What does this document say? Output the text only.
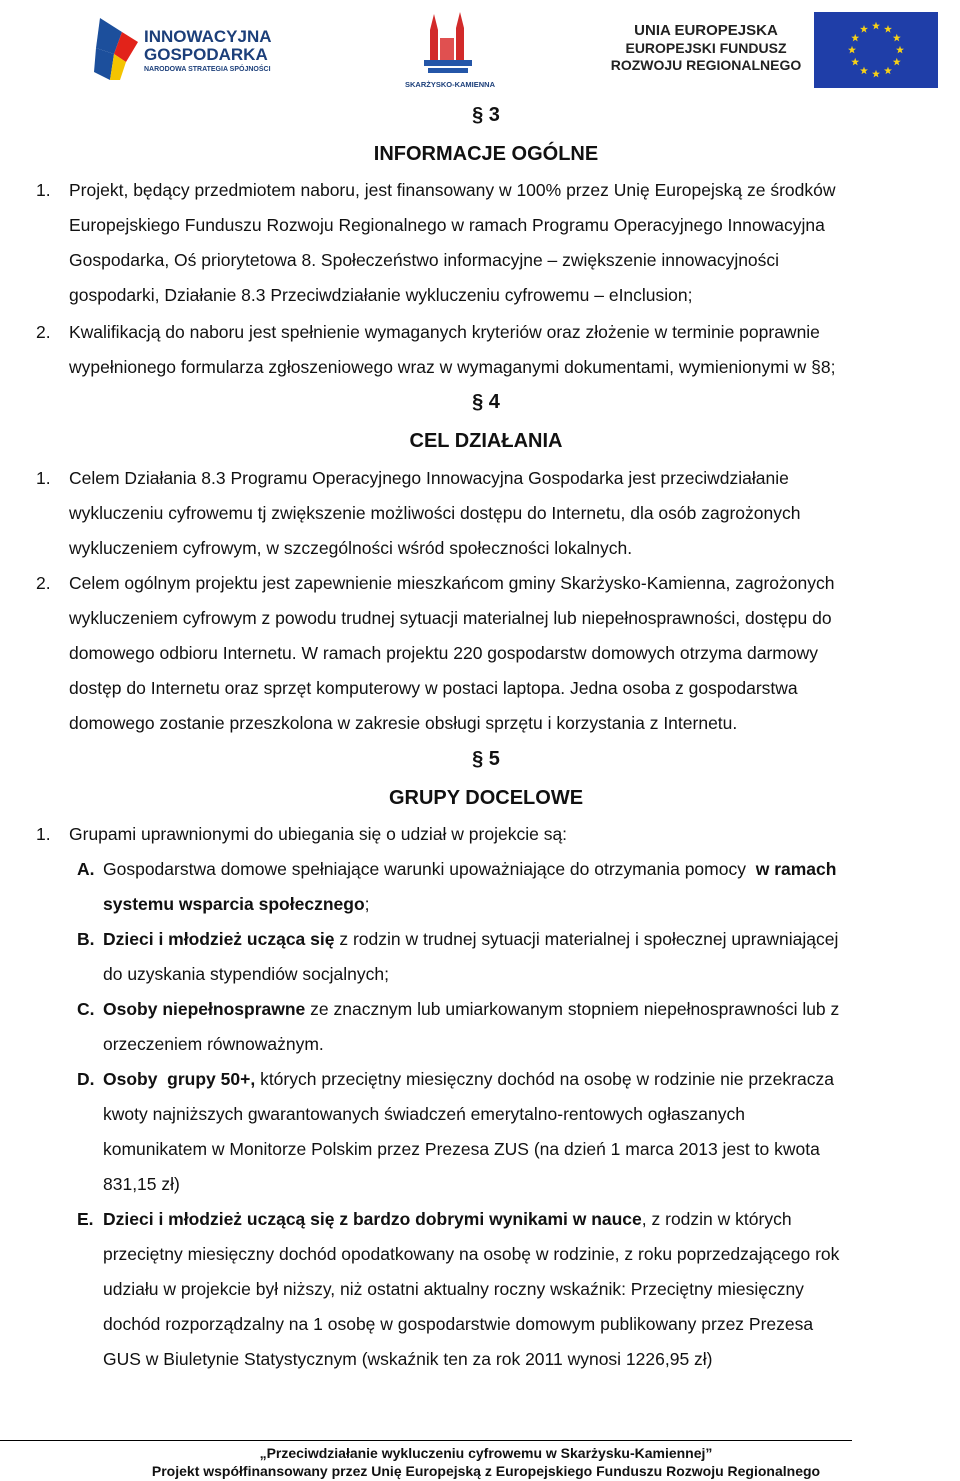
INNOWACYJNA
GOSPODARKA
NARODOWA STRATEGIA SPÓJNOŚCI
SKARŻYSKO-KAMIENNA
UNIA EUROPEJSKA
EUROPEJSKI FUNDUSZ
ROZWOJU REGIONALNEGO
§ 3
INFORMACJE OGÓLNE
1. Projekt, będący przedmiotem naboru, jest finansowany w 100% przez Unię Europejską ze środków
Europejskiego Funduszu Rozwoju Regionalnego w ramach Programu Operacyjnego Innowacyjna
Gospodarka, Oś priorytetowa 8. Społeczeństwo informacyjne – zwiększenie innowacyjności
gospodarki, Działanie 8.3 Przeciwdziałanie wykluczeniu cyfrowemu – eInclusion;
2. Kwalifikacją do naboru jest spełnienie wymaganych kryteriów oraz złożenie w terminie poprawnie
wypełnionego formularza zgłoszeniowego wraz w wymaganymi dokumentami, wymienionymi w §8;
§ 4
CEL DZIAŁANIA
1. Celem Działania 8.3 Programu Operacyjnego Innowacyjna Gospodarka jest przeciwdziałanie
wykluczeniu cyfrowemu tj zwiększenie możliwości dostępu do Internetu, dla osób zagrożonych
wykluczeniem cyfrowym, w szczególności wśród społeczności lokalnych.
2. Celem ogólnym projektu jest zapewnienie mieszkańcom gminy Skarżysko-Kamienna, zagrożonych
wykluczeniem cyfrowym z powodu trudnej sytuacji materialnej lub niepełnosprawności, dostępu do
domowego odbioru Internetu. W ramach projektu 220 gospodarstw domowych otrzyma darmowy
dostęp do Internetu oraz sprzęt komputerowy w postaci laptopa. Jedna osoba z gospodarstwa
domowego zostanie przeszkolona w zakresie obsługi sprzętu i korzystania z Internetu.
§ 5
GRUPY DOCELOWE
1. Grupami uprawnionymi do ubiegania się o udział w projekcie są:
A. Gospodarstwa domowe spełniające warunki upoważniające do otrzymania pomocy  w ramach
systemu wsparcia społecznego;
B. Dzieci i młodzież ucząca się z rodzin w trudnej sytuacji materialnej i społecznej uprawniającej
do uzyskania stypendiów socjalnych;
C. Osoby niepełnosprawne ze znacznym lub umiarkowanym stopniem niepełnosprawności lub z
orzeczeniem równoważnym.
D. Osoby  grupy 50+, których przeciętny miesięczny dochód na osobę w rodzinie nie przekracza
kwoty najniższych gwarantowanych świadczeń emerytalno-rentowych ogłaszanych
komunikatem w Monitorze Polskim przez Prezesa ZUS (na dzień 1 marca 2013 jest to kwota
831,15 zł)
E. Dzieci i młodzież uczącą się z bardzo dobrymi wynikami w nauce, z rodzin w których
przeciętny miesięczny dochód opodatkowany na osobę w rodzinie, z roku poprzedzającego rok
udziału w projekcie był niższy, niż ostatni aktualny roczny wskaźnik: Przeciętny miesięczny
dochód rozporządzalny na 1 osobę w gospodarstwie domowym publikowany przez Prezesa
GUS w Biuletynie Statystycznym (wskaźnik ten za rok 2011 wynosi 1226,95 zł)
„Przeciwdziałanie wykluczeniu cyfrowemu w Skarżysku-Kamiennej”
Projekt współfinansowany przez Unię Europejską z Europejskiego Funduszu Rozwoju Regionalnego
